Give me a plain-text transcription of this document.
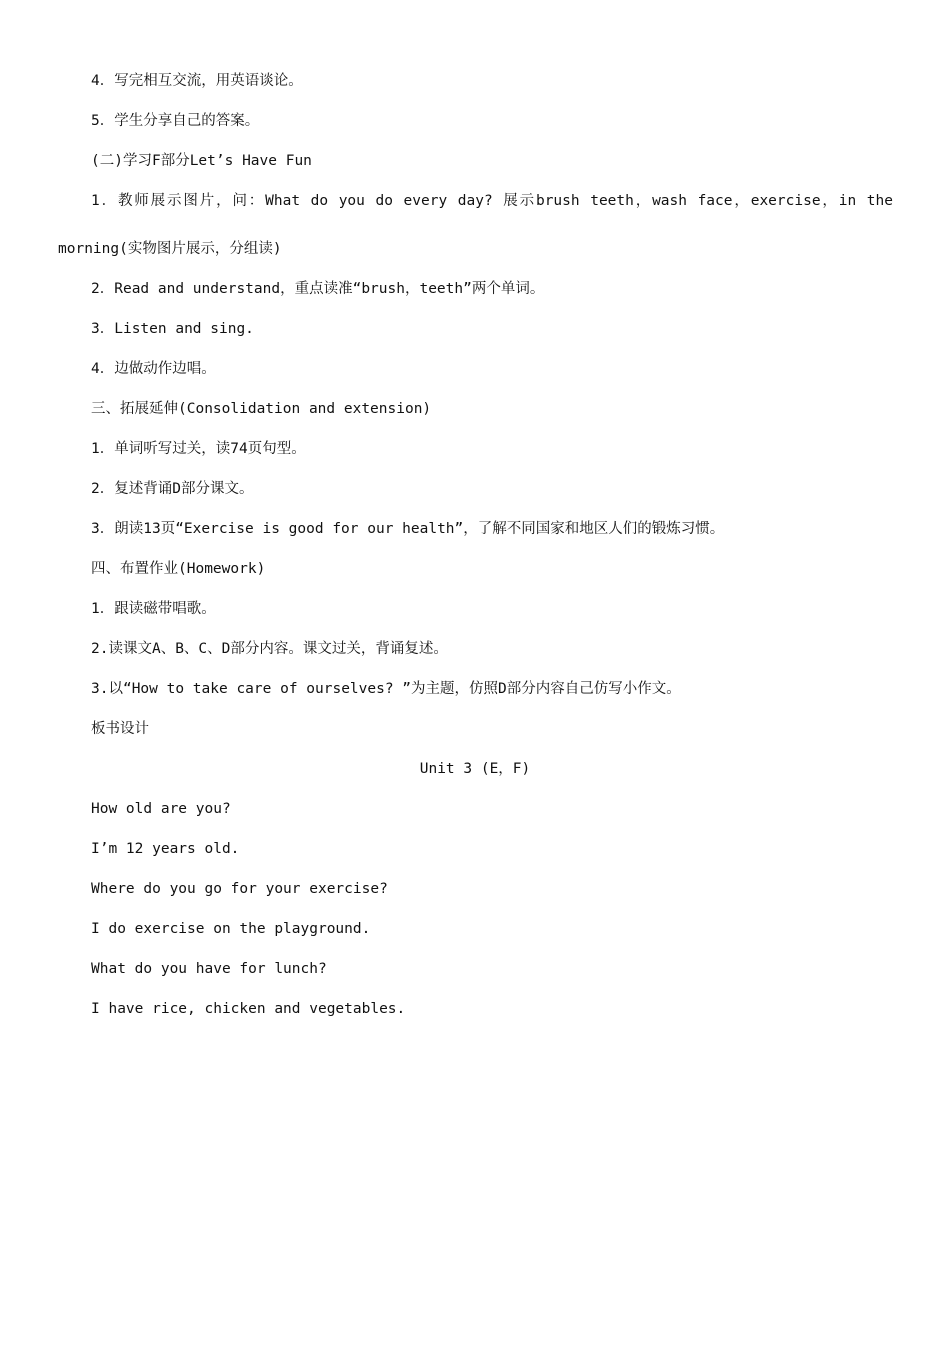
4．写完相互交流，用英语谈论。
5．学生分享自己的答案。
(二)学习F部分Let’s Have Fun
1．教师展示图片，问：What do you do every day? 展示brush teeth，wash face，exercise，in the
morning(实物图片展示，分组读)
2．Read and understand，重点读准“brush，teeth”两个单词。
3．Listen and sing.
4．边做动作边唱。
三、拓展延伸(Consolidation and extension)
1．单词听写过关，读74页句型。
2．复述背诵D部分课文。
3．朗读13页“Exercise is good for our health”，了解不同国家和地区人们的锻炼习惯。
四、布置作业(Homework)
1．跟读磁带唱歌。
2.读课文A、B、C、D部分内容。课文过关，背诵复述。
3.以“How to take care of ourselves? ”为主题，仿照D部分内容自己仿写小作文。
板书设计
Unit 3 (E，F)
How old are you?
I’m 12 years old.
Where do you go for your exercise?
I do exercise on the playground.
What do you have for lunch?
I have rice, chicken and vegetables.
